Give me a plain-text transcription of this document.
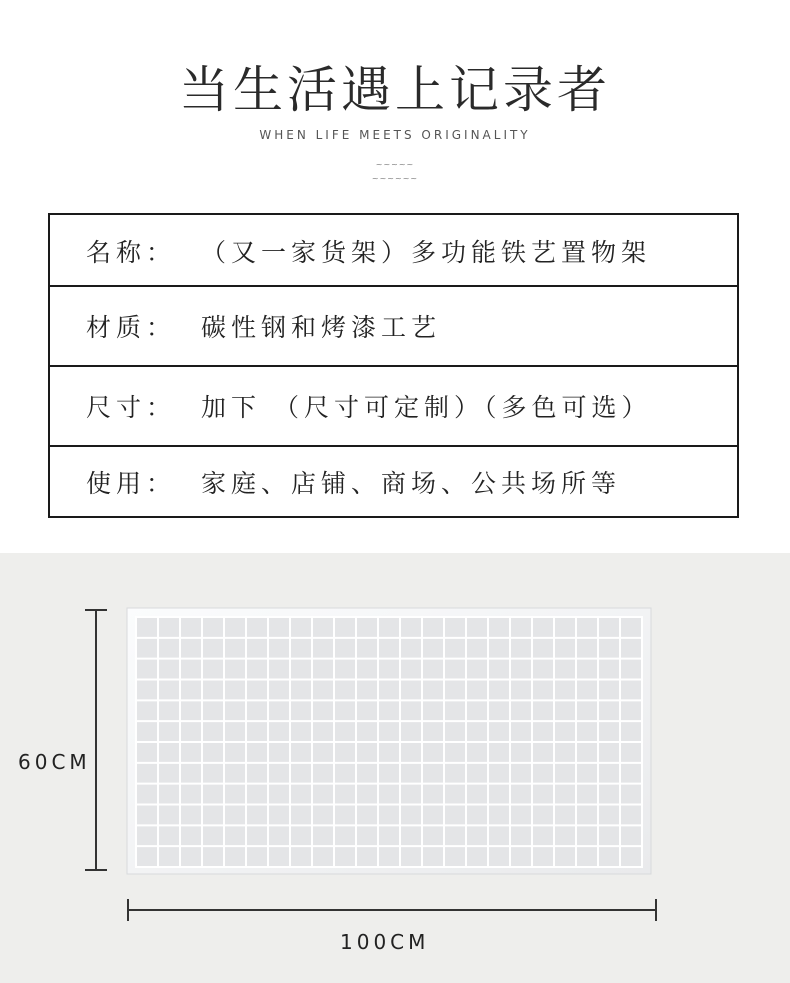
当生活遇上记录者
WHEN LIFE MEETS ORIGINALITY
~~~~~
~~~~~~
名称： （又一家货架）多功能铁艺置物架
材质： 碳性钢和烤漆工艺
尺寸： 加下 （尺寸可定制）（多色可选）
使用： 家庭、店铺、商场、公共场所等
60CM
100CM
